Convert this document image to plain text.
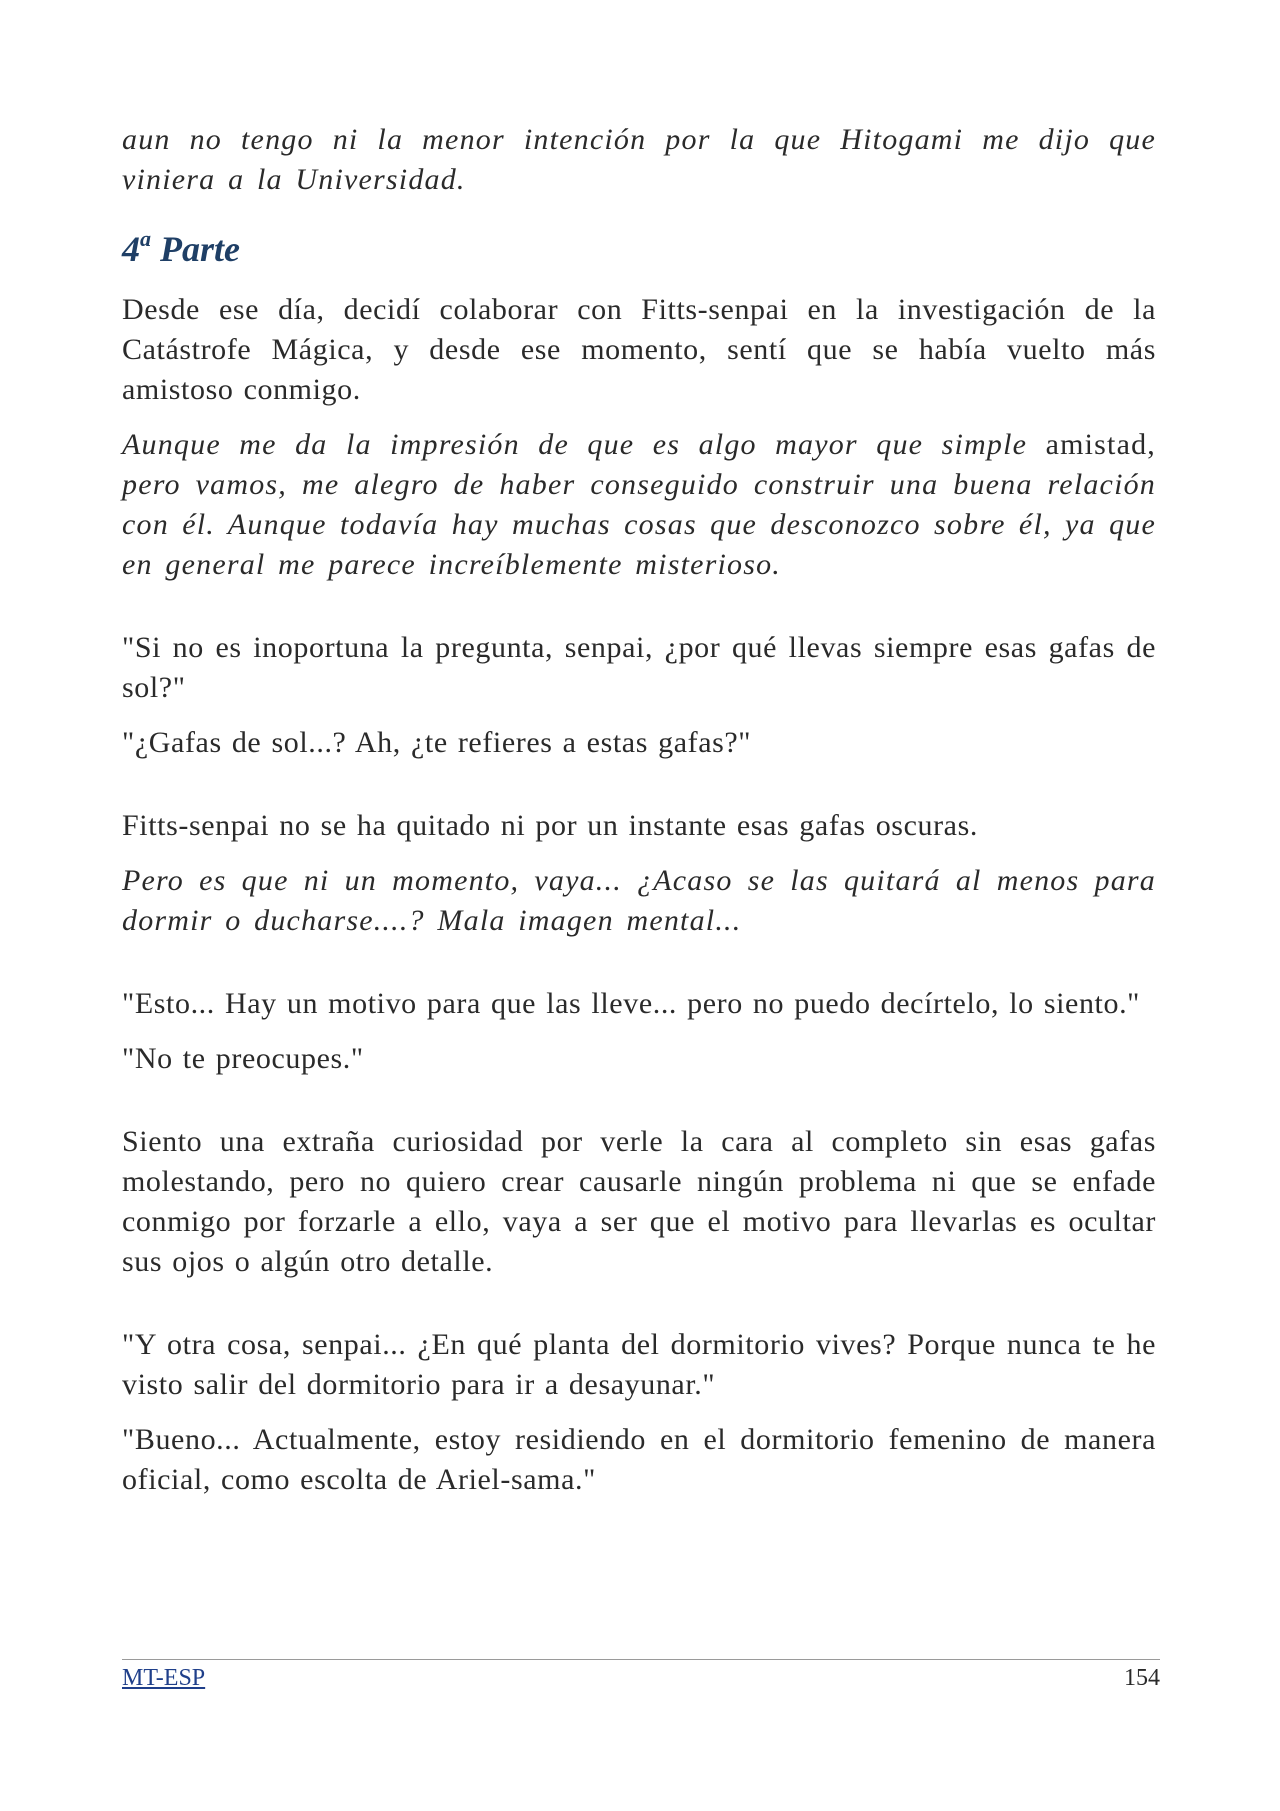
aun no tengo ni la menor intención por la que Hitogami me dijo que viniera a la Universidad.

4$^a$ Parte

Desde ese día, decidí colaborar con Fitts-senpai en la investigación de la Catástrofe Mágica, y desde ese momento, sentí que se había vuelto más amistoso conmigo.

Aunque me da la impresión de que es algo mayor que simple amistad, pero vamos, me alegro de haber conseguido construir una buena relación con él. Aunque todavía hay muchas cosas que desconozco sobre él, ya que en general me parece increíblemente misterioso.

"Si no es inoportuna la pregunta, senpai, ¿por qué llevas siempre esas gafas de sol?"

"¿Gafas de sol...? Ah, ¿te refieres a estas gafas?"

Fitts-senpai no se ha quitado ni por un instante esas gafas oscuras.

Pero es que ni un momento, vaya... ¿Acaso se las quitará al menos para dormir o ducharse....? Mala imagen mental...

"Esto... Hay un motivo para que las lleve... pero no puedo decírtelo, lo siento."

"No te preocupes."

Siento una extraña curiosidad por verle la cara al completo sin esas gafas molestando, pero no quiero crear causarle ningún problema ni que se enfade conmigo por forzarle a ello, vaya a ser que el motivo para llevarlas es ocultar sus ojos o algún otro detalle.

"Y otra cosa, senpai... ¿En qué planta del dormitorio vives? Porque nunca te he visto salir del dormitorio para ir a desayunar."

"Bueno... Actualmente, estoy residiendo en el dormitorio femenino de manera oficial, como escolta de Ariel-sama."

MT-ESP	154
